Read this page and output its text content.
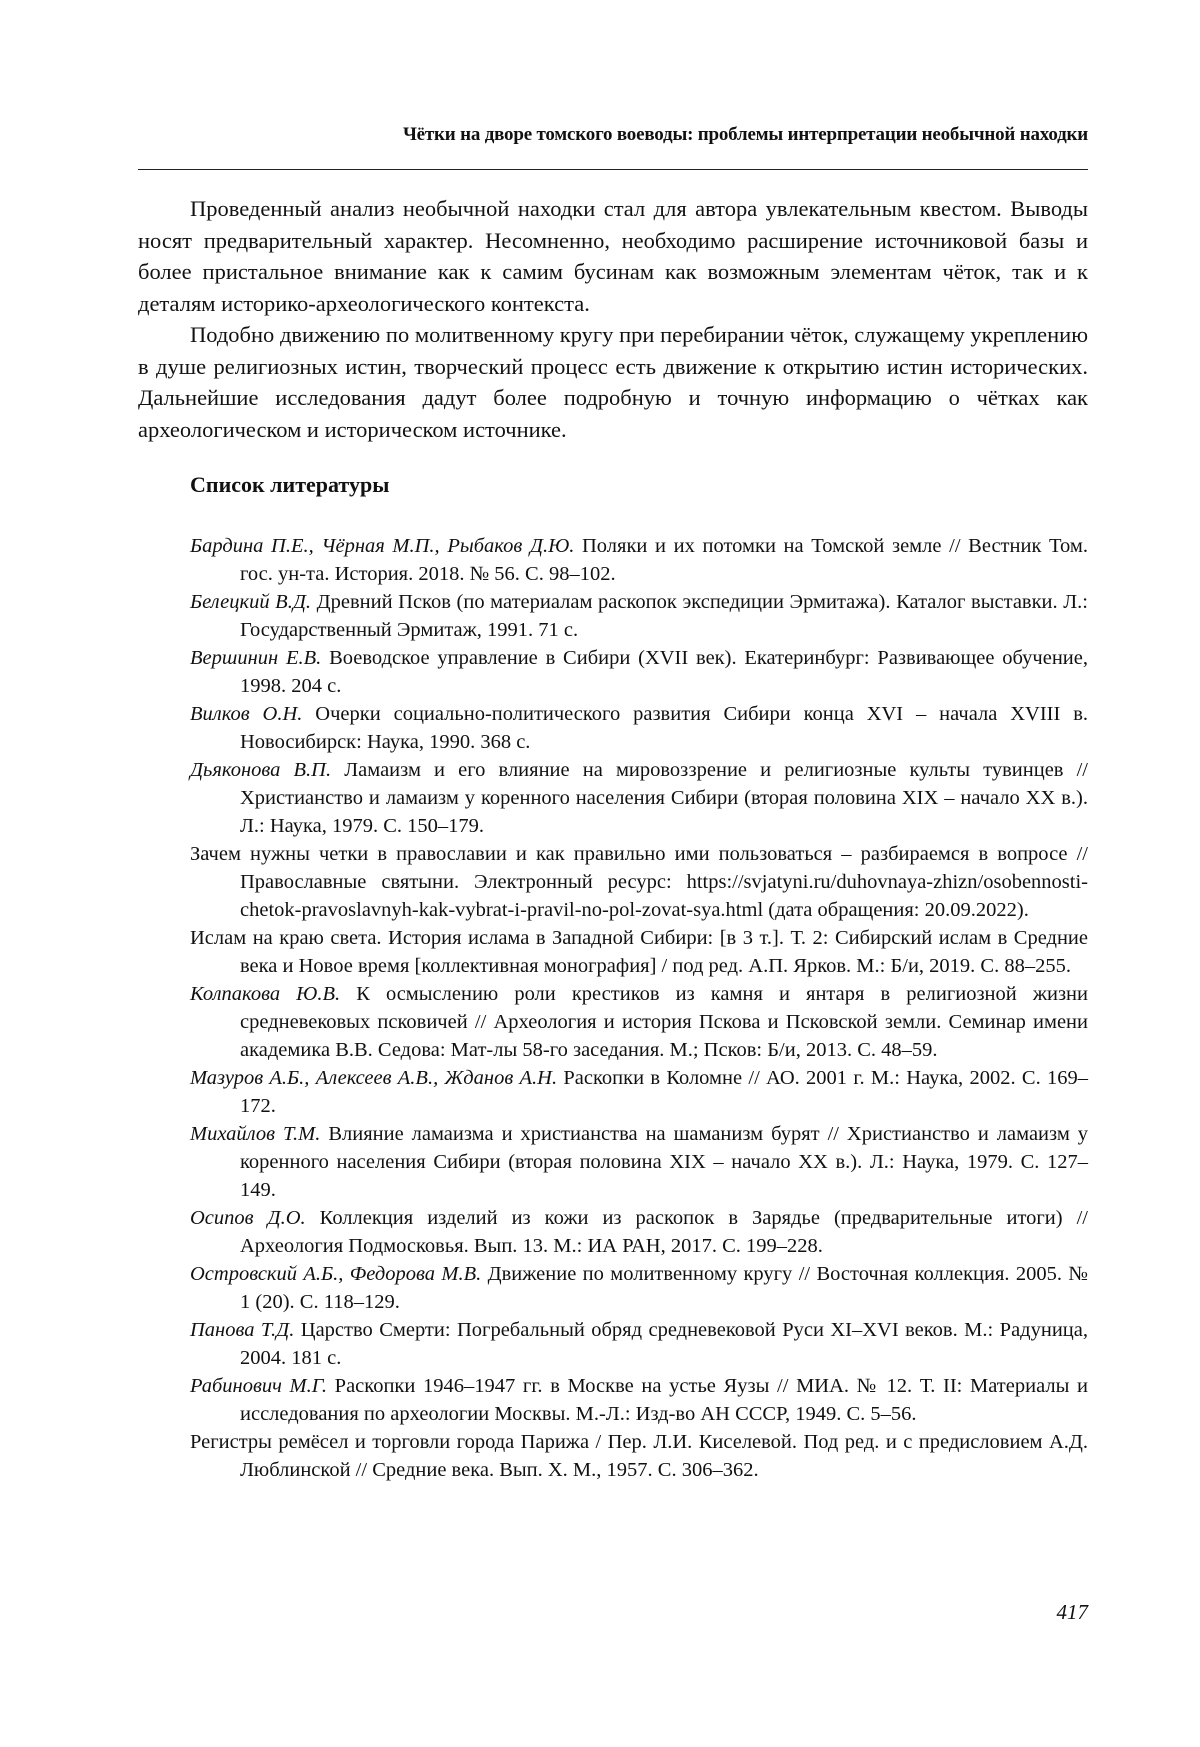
Чётки на дворе томского воеводы: проблемы интерпретации необычной находки

Проведенный анализ необычной находки стал для автора увлекательным квестом. Выводы носят предварительный характер. Несомненно, необходимо расширение источниковой базы и более пристальное внимание как к самим бусинам как возможным элементам чёток, так и к деталям историко-археологического контекста.

Подобно движению по молитвенному кругу при перебирании чёток, служащему укреплению в душе религиозных истин, творческий процесс есть движение к открытию истин исторических. Дальнейшие исследования дадут более подробную и точную информацию о чётках как археологическом и историческом источнике.

Список литературы

Бардина П.Е., Чёрная М.П., Рыбаков Д.Ю. Поляки и их потомки на Томской земле // Вестник Том. гос. ун-та. История. 2018. № 56. С. 98–102.

Белецкий В.Д. Древний Псков (по материалам раскопок экспедиции Эрмитажа). Каталог выставки. Л.: Государственный Эрмитаж, 1991. 71 с.

Вершинин Е.В. Воеводское управление в Сибири (XVII век). Екатеринбург: Развивающее обучение, 1998. 204 с.

Вилков О.Н. Очерки социально-политического развития Сибири конца XVI – начала XVIII в. Новосибирск: Наука, 1990. 368 с.

Дьяконова В.П. Ламаизм и его влияние на мировоззрение и религиозные культы тувинцев // Христианство и ламаизм у коренного населения Сибири (вторая половина XIX – начало XX в.). Л.: Наука, 1979. С. 150–179.

Зачем нужны четки в православии и как правильно ими пользоваться – разбираемся в вопросе // Православные святыни. Электронный ресурс: https://svjatyni.ru/duhovnaya-zhizn/osobennosti-chetok-pravoslavnyh-kak-vybrat-i-pravil-no-pol-zovat-sya.html (дата обращения: 20.09.2022).

Ислам на краю света. История ислама в Западной Сибири: [в 3 т.]. Т. 2: Сибирский ислам в Средние века и Новое время [коллективная монография] / под ред. А.П. Ярков. М.: Б/и, 2019. С. 88–255.

Колпакова Ю.В. К осмыслению роли крестиков из камня и янтаря в религиозной жизни средневековых псковичей // Археология и история Пскова и Псковской земли. Семинар имени академика В.В. Седова: Мат-лы 58-го заседания. М.; Псков: Б/и, 2013. С. 48–59.

Мазуров А.Б., Алексеев А.В., Жданов А.Н. Раскопки в Коломне // АО. 2001 г. М.: Наука, 2002. С. 169–172.

Михайлов Т.М. Влияние ламаизма и христианства на шаманизм бурят // Христианство и ламаизм у коренного населения Сибири (вторая половина XIX – начало XX в.). Л.: Наука, 1979. С. 127–149.

Осипов Д.О. Коллекция изделий из кожи из раскопок в Зарядье (предварительные итоги) // Археология Подмосковья. Вып. 13. М.: ИА РАН, 2017. С. 199–228.

Островский А.Б., Федорова М.В. Движение по молитвенному кругу // Восточная коллекция. 2005. № 1 (20). С. 118–129.

Панова Т.Д. Царство Смерти: Погребальный обряд средневековой Руси XI–XVI веков. М.: Радуница, 2004. 181 с.

Рабинович М.Г. Раскопки 1946–1947 гг. в Москве на устье Яузы // МИА. № 12. Т. II: Материалы и исследования по археологии Москвы. М.-Л.: Изд-во АН СССР, 1949. С. 5–56.

Регистры ремёсел и торговли города Парижа / Пер. Л.И. Киселевой. Под ред. и с предисловием А.Д. Люблинской // Средние века. Вып. X. М., 1957. С. 306–362.

417
